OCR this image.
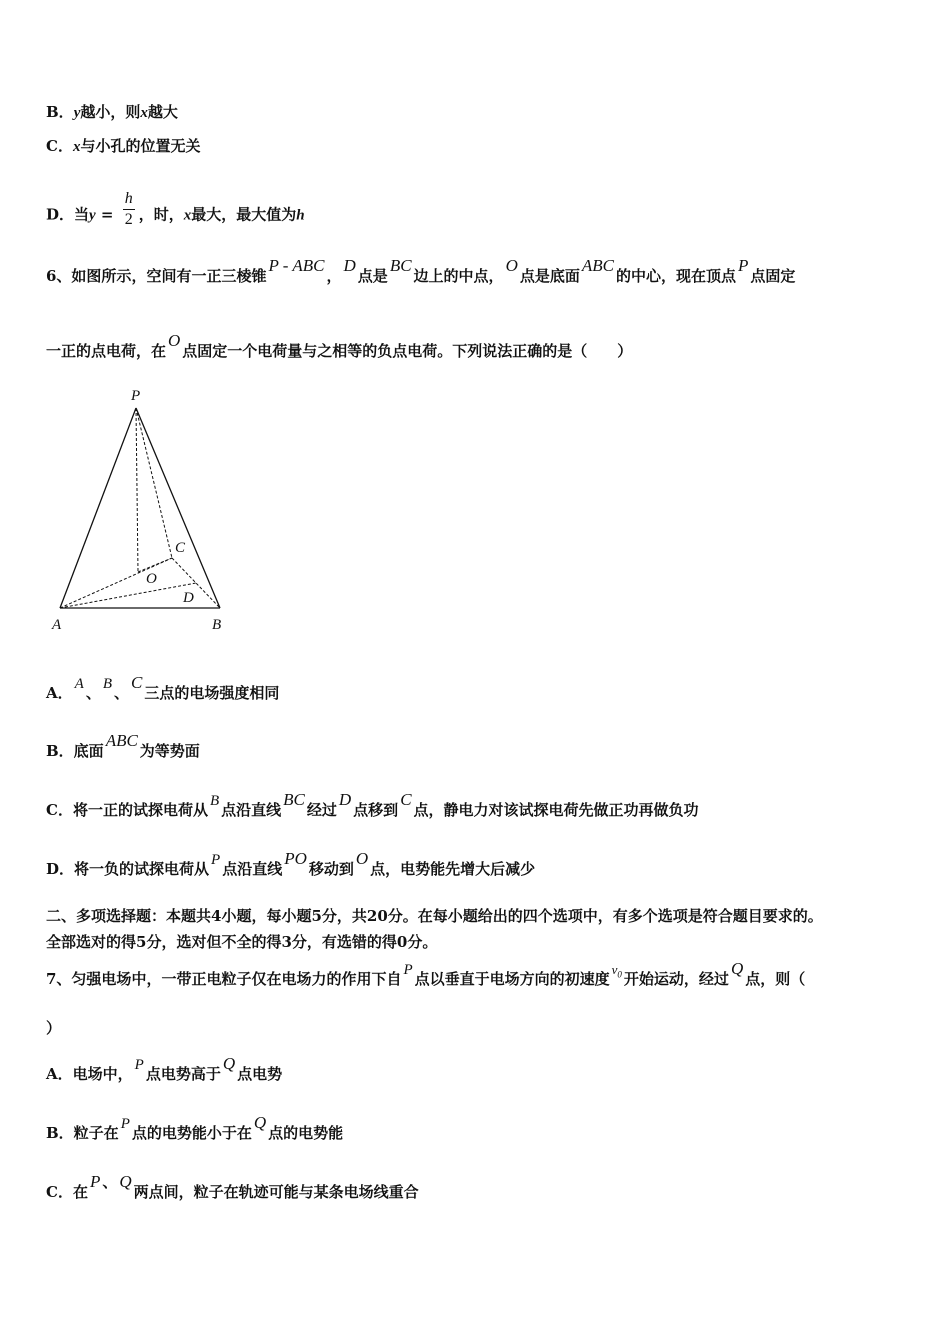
B．y越小，则x越大
C．x与小孔的位置无关
D．当$y = \frac{h}{2}$ ，时，x最大，最大值为h
6、如图所示，空间有一正三棱锥P - ABC，D点是BC边上的中点，O点是底面ABC的中心，现在顶点P点固定
一正的点电荷，在O点固定一个电荷量与之相等的负点电荷。下列说法正确的是（　　）
P
A	B
C
O
D
A． A 、 B 、C三点的电场强度相同
B．底面ABC为等势面
C．将一正的试探电荷从 B 点沿直线BC经过D点移到C点，静电力对该试探电荷先做正功再做负功
D．将一负的试探电荷从 P 点沿直线PO移动到O点，电势能先增大后减少
二、多项选择题：本题共4小题，每小题5分，共20分。在每小题给出的四个选项中，有多个选项是符合题目要求的。
全部选对的得5分，选对但不全的得3分，有选错的得0分。
7、匀强电场中，一带正电粒子仅在电场力的作用下自 P 点以垂直于电场方向的初速度$v_0$ 开始运动，经过Q点，则（
）
A．电场中， P 点电势高于Q点电势
B．粒子在 P 点的电势能小于在Q点的电势能
C．在P 、 Q两点间，粒子在轨迹可能与某条电场线重合
